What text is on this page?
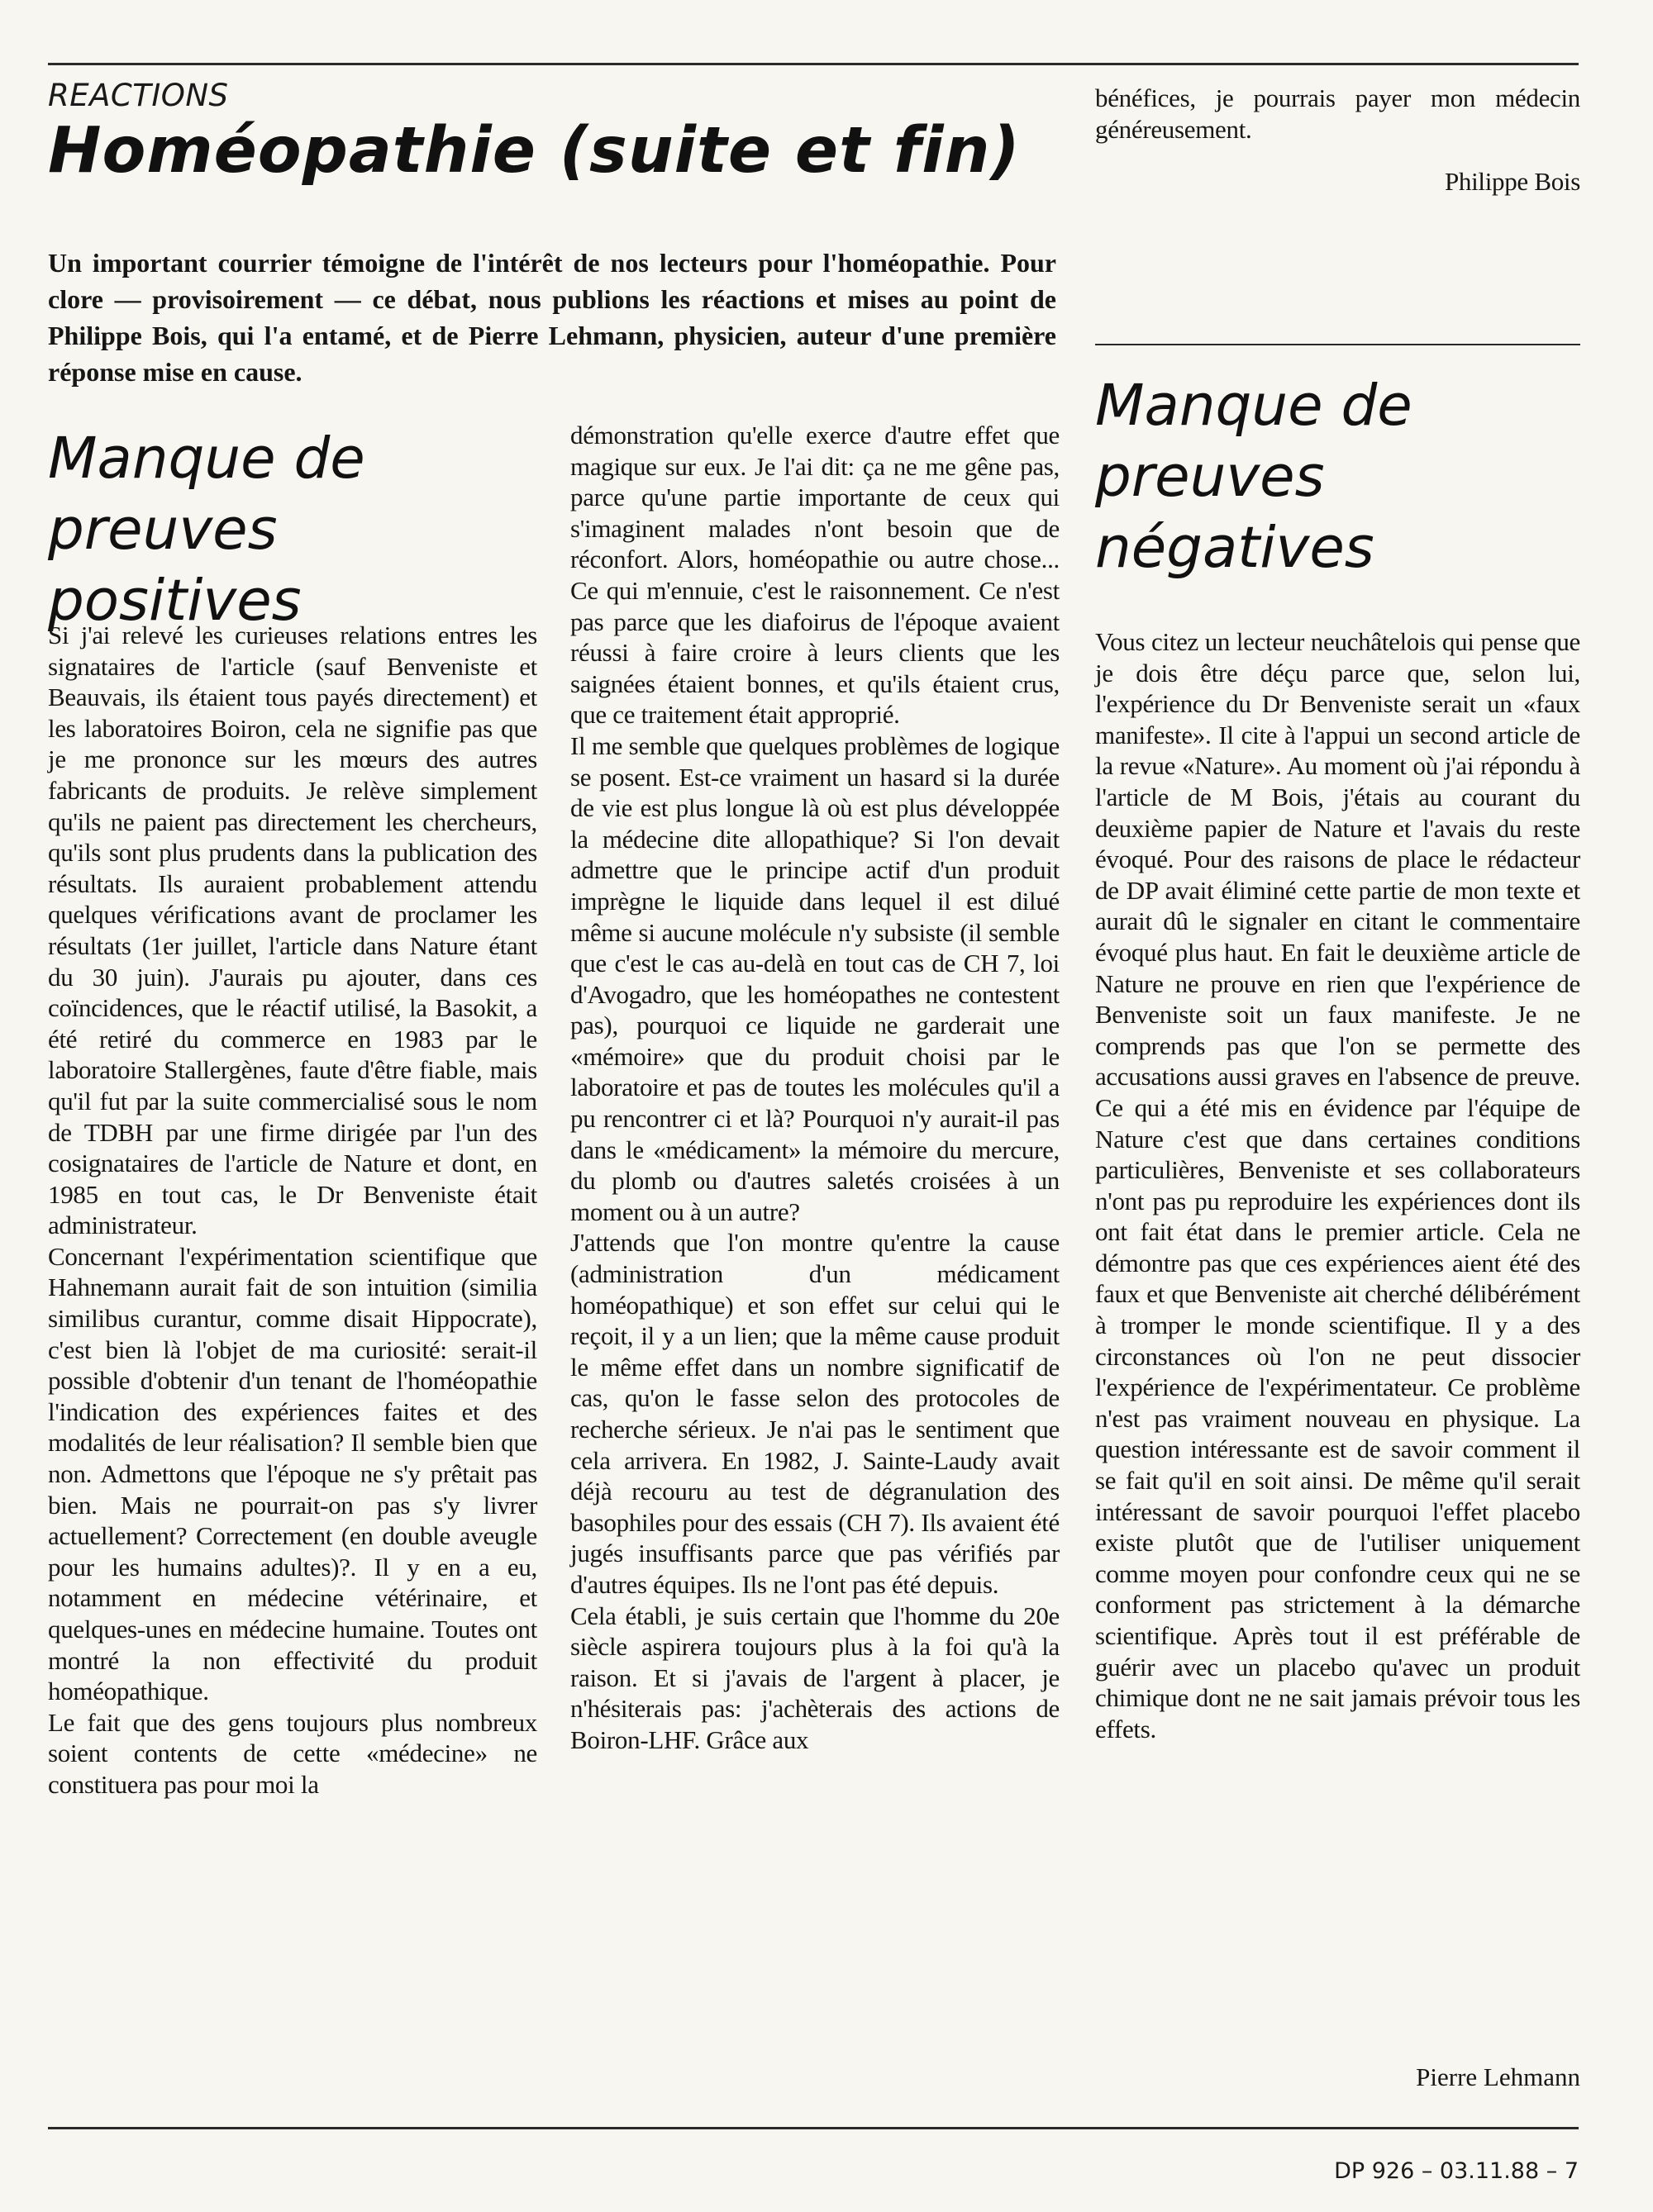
REACTIONS
Homéopathie (suite et fin)

Un important courrier témoigne de l'intérêt de nos lecteurs pour l'homéopathie. Pour clore — provisoirement — ce débat, nous publions les réactions et mises au point de Philippe Bois, qui l'a entamé, et de Pierre Lehmann, physicien, auteur d'une première réponse mise en cause.

Manque de preuves positives

Si j'ai relevé les curieuses relations entres les signataires de l'article (sauf Benveniste et Beauvais, ils étaient tous payés directement) et les laboratoires Boiron, cela ne signifie pas que je me prononce sur les mœurs des autres fabricants de produits. Je relève simplement qu'ils ne paient pas directement les chercheurs, qu'ils sont plus prudents dans la publication des résultats. Ils auraient probablement attendu quelques vérifications avant de proclamer les résultats (1er juillet, l'article dans Nature étant du 30 juin). J'aurais pu ajouter, dans ces coïncidences, que le réactif utilisé, la Basokit, a été retiré du commerce en 1983 par le laboratoire Stallergènes, faute d'être fiable, mais qu'il fut par la suite commercialisé sous le nom de TDBH par une firme dirigée par l'un des cosignataires de l'article de Nature et dont, en 1985 en tout cas, le Dr Benveniste était administrateur.

Concernant l'expérimentation scientifique que Hahnemann aurait fait de son intuition (similia similibus curantur, comme disait Hippocrate), c'est bien là l'objet de ma curiosité: serait-il possible d'obtenir d'un tenant de l'homéopathie l'indication des expériences faites et des modalités de leur réalisation? Il semble bien que non. Admettons que l'époque ne s'y prêtait pas bien. Mais ne pourrait-on pas s'y livrer actuellement? Correctement (en double aveugle pour les humains adultes)?. Il y en a eu, notamment en médecine vétérinaire, et quelques-unes en médecine humaine. Toutes ont montré la non effectivité du produit homéopathique.

Le fait que des gens toujours plus nombreux soient contents de cette «médecine» ne constituera pas pour moi la

démonstration qu'elle exerce d'autre effet que magique sur eux. Je l'ai dit: ça ne me gêne pas, parce qu'une partie importante de ceux qui s'imaginent malades n'ont besoin que de réconfort. Alors, homéopathie ou autre chose... Ce qui m'ennuie, c'est le raisonnement. Ce n'est pas parce que les diafoirus de l'époque avaient réussi à faire croire à leurs clients que les saignées étaient bonnes, et qu'ils étaient crus, que ce traitement était approprié.

Il me semble que quelques problèmes de logique se posent. Est-ce vraiment un hasard si la durée de vie est plus longue là où est plus développée la médecine dite allopathique? Si l'on devait admettre que le principe actif d'un produit imprègne le liquide dans lequel il est dilué même si aucune molécule n'y subsiste (il semble que c'est le cas au-delà en tout cas de CH 7, loi d'Avogadro, que les homéopathes ne contestent pas), pourquoi ce liquide ne garderait une «mémoire» que du produit choisi par le laboratoire et pas de toutes les molécules qu'il a pu rencontrer ci et là? Pourquoi n'y aurait-il pas dans le «médicament» la mémoire du mercure, du plomb ou d'autres saletés croisées à un moment ou à un autre?

J'attends que l'on montre qu'entre la cause (administration d'un médicament homéopathique) et son effet sur celui qui le reçoit, il y a un lien; que la même cause produit le même effet dans un nombre significatif de cas, qu'on le fasse selon des protocoles de recherche sérieux. Je n'ai pas le sentiment que cela arrivera. En 1982, J. Sainte-Laudy avait déjà recouru au test de dégranulation des basophiles pour des essais (CH 7). Ils avaient été jugés insuffisants parce que pas vérifiés par d'autres équipes. Ils ne l'ont pas été depuis.

Cela établi, je suis certain que l'homme du 20e siècle aspirera toujours plus à la foi qu'à la raison. Et si j'avais de l'argent à placer, je n'hésiterais pas: j'achèterais des actions de Boiron-LHF. Grâce aux

bénéfices, je pourrais payer mon médecin généreusement.

Philippe Bois
Manque de preuves négatives

Vous citez un lecteur neuchâtelois qui pense que je dois être déçu parce que, selon lui, l'expérience du Dr Benveniste serait un «faux manifeste». Il cite à l'appui un second article de la revue «Nature». Au moment où j'ai répondu à l'article de M Bois, j'étais au courant du deuxième papier de Nature et l'avais du reste évoqué. Pour des raisons de place le rédacteur de DP avait éliminé cette partie de mon texte et aurait dû le signaler en citant le commentaire évoqué plus haut. En fait le deuxième article de Nature ne prouve en rien que l'expérience de Benveniste soit un faux manifeste. Je ne comprends pas que l'on se permette des accusations aussi graves en l'absence de preuve. Ce qui a été mis en évidence par l'équipe de Nature c'est que dans certaines conditions particulières, Benveniste et ses collaborateurs n'ont pas pu reproduire les expériences dont ils ont fait état dans le premier article. Cela ne démontre pas que ces expériences aient été des faux et que Benveniste ait cherché délibérément à tromper le monde scientifique. Il y a des circonstances où l'on ne peut dissocier l'expérience de l'expérimentateur. Ce problème n'est pas vraiment nouveau en physique. La question intéressante est de savoir comment il se fait qu'il en soit ainsi. De même qu'il serait intéressant de savoir pourquoi l'effet placebo existe plutôt que de l'utiliser uniquement comme moyen pour confondre ceux qui ne se conforment pas strictement à la démarche scientifique. Après tout il est préférable de guérir avec un placebo qu'avec un produit chimique dont ne ne sait jamais prévoir tous les effets.

Pierre Lehmann
DP 926 – 03.11.88 – 7
